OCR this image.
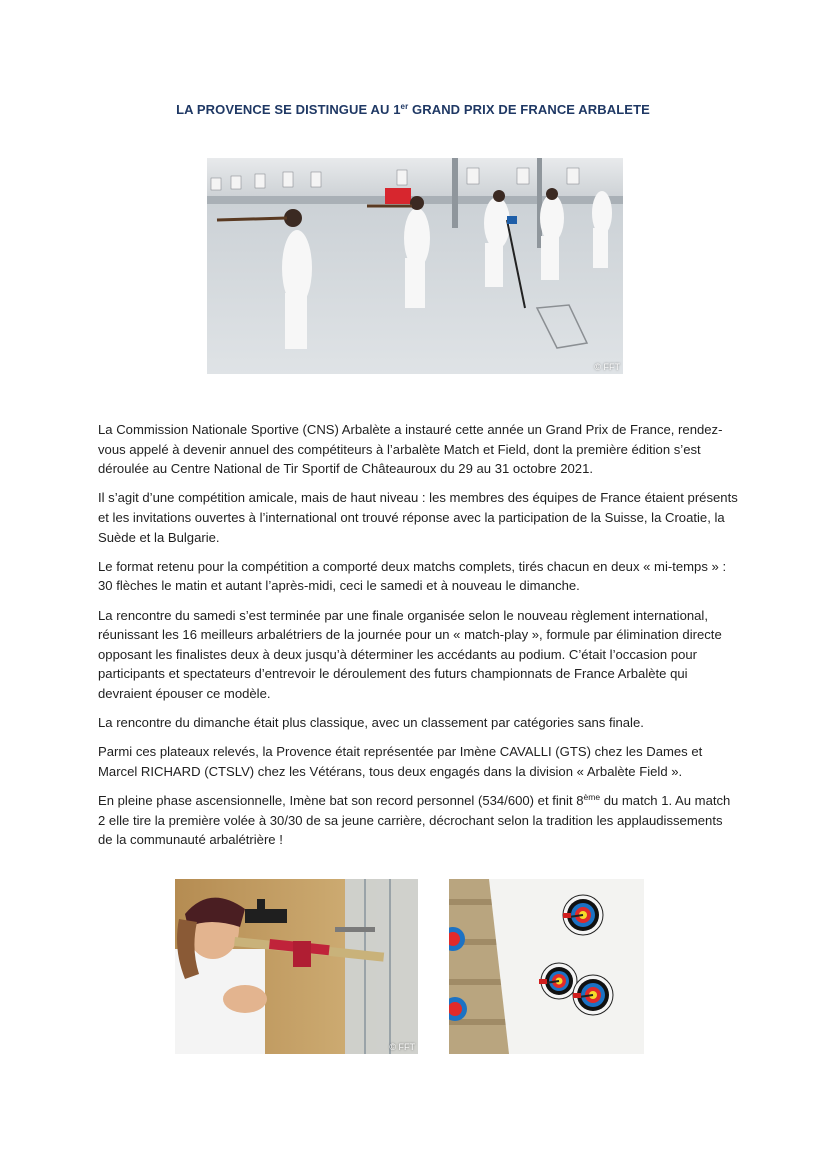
LA PROVENCE SE DISTINGUE AU 1er GRAND PRIX DE FRANCE ARBALETE
© FFT

La Commission Nationale Sportive (CNS) Arbalète a instauré cette année un Grand Prix de France, rendez-vous appelé à devenir annuel des compétiteurs à l’arbalète Match et Field, dont la première édition s’est déroulée au Centre National de Tir Sportif de Châteauroux du 29 au 31 octobre 2021.

Il s’agit d’une compétition amicale, mais de haut niveau : les membres des équipes de France étaient présents et les invitations ouvertes à l’international ont trouvé réponse avec la participation de la Suisse, la Croatie, la Suède et la Bulgarie.

Le format retenu pour la compétition a comporté deux matchs complets, tirés chacun en deux « mi-temps » : 30 flèches le matin et autant l’après-midi, ceci le samedi et à nouveau le dimanche.

La rencontre du samedi s’est terminée par une finale organisée selon le nouveau règlement international, réunissant les 16 meilleurs arbalétriers de la journée pour un « match-play », formule par élimination directe opposant les finalistes deux à deux jusqu’à déterminer les accédants au podium. C’était l’occasion pour participants et spectateurs d’entrevoir le déroulement des futurs championnats de France Arbalète qui devraient épouser ce modèle.

La rencontre du dimanche était plus classique, avec un classement par catégories sans finale.

Parmi ces plateaux relevés, la Provence était représentée par Imène CAVALLI (GTS) chez les Dames et Marcel RICHARD (CTSLV) chez les Vétérans, tous deux engagés dans la division « Arbalète Field ».

En pleine phase ascensionnelle, Imène bat son record personnel (534/600) et finit 8ème du match 1. Au match 2 elle tire la première volée à 30/30 de sa jeune carrière, décrochant selon la tradition les applaudissements de la communauté arbalétrière !

© FFT
